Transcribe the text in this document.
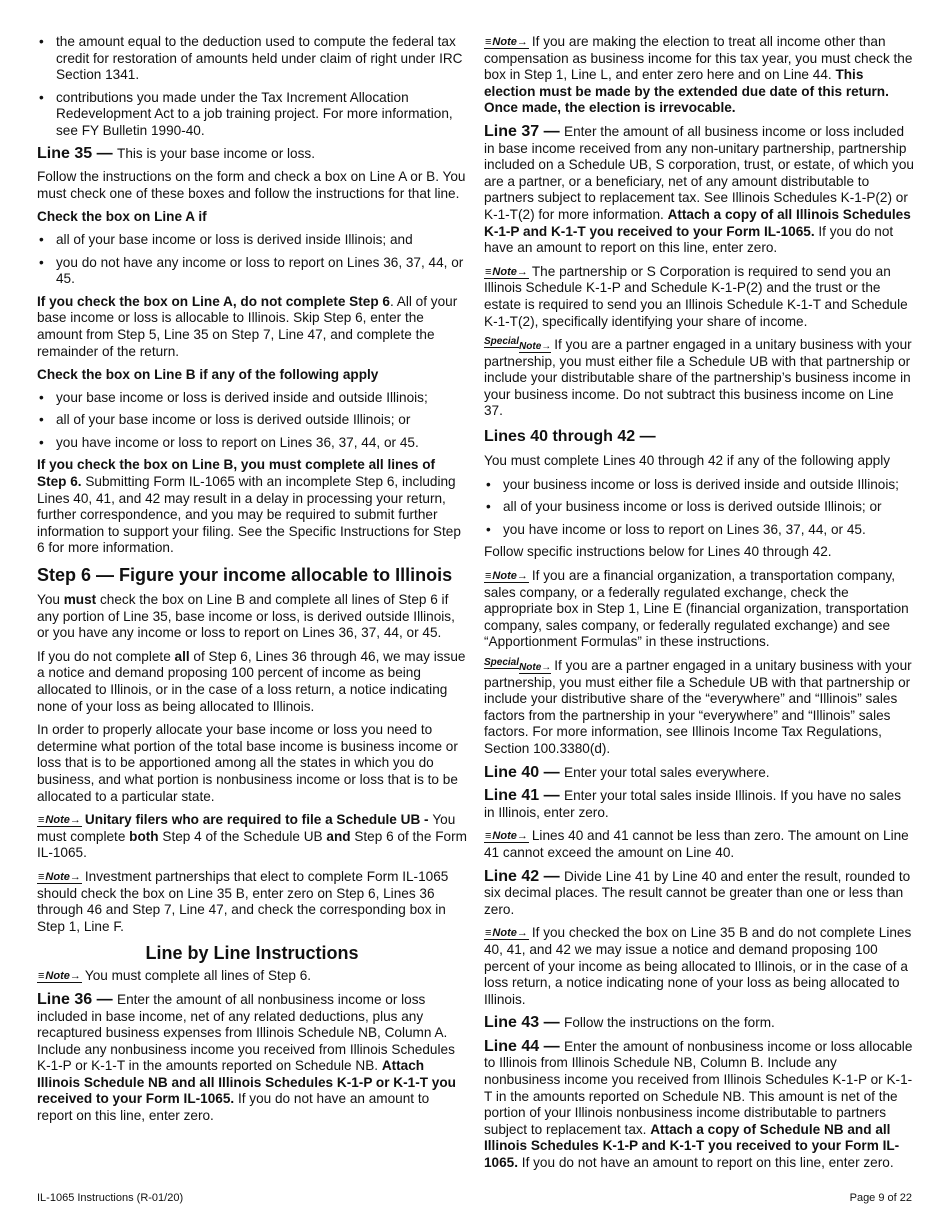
• the amount equal to the deduction used to compute the federal tax credit for restoration of amounts held under claim of right under IRC Section 1341.
• contributions you made under the Tax Increment Allocation Redevelopment Act to a job training project. For more information, see FY Bulletin 1990-40.

Line 35 — This is your base income or loss.

Follow the instructions on the form and check a box on Line A or B. You must check one of these boxes and follow the instructions for that line.

Check the box on Line A if

• all of your base income or loss is derived inside Illinois; and
• you do not have any income or loss to report on Lines 36, 37, 44, or 45.

If you check the box on Line A, do not complete Step 6. All of your base income or loss is allocable to Illinois. Skip Step 6, enter the amount from Step 5, Line 35 on Step 7, Line 47, and complete the remainder of the return.

Check the box on Line B if any of the following apply

• your base income or loss is derived inside and outside Illinois;
• all of your base income or loss is derived outside Illinois; or
• you have income or loss to report on Lines 36, 37, 44, or 45.

If you check the box on Line B, you must complete all lines of Step 6. Submitting Form IL-1065 with an incomplete Step 6, including Lines 40, 41, and 42 may result in a delay in processing your return, further correspondence, and you may be required to submit further information to support your filing. See the Specific Instructions for Step 6 for more information.

Step 6 — Figure your income allocable to Illinois

You must check the box on Line B and complete all lines of Step 6 if any portion of Line 35, base income or loss, is derived outside Illinois, or you have any income or loss to report on Lines 36, 37, 44, or 45.

If you do not complete all of Step 6, Lines 36 through 46, we may issue a notice and demand proposing 100 percent of income as being allocated to Illinois, or in the case of a loss return, a notice indicating none of your loss as being allocated to Illinois.

In order to properly allocate your base income or loss you need to determine what portion of the total base income is business income or loss that is to be apportioned among all the states in which you do business, and what portion is nonbusiness income or loss that is to be allocated to a particular state.

≡ Note→ Unitary filers who are required to file a Schedule UB - You must complete both Step 4 of the Schedule UB and Step 6 of the Form IL-1065.

≡ Note→ Investment partnerships that elect to complete Form IL-1065 should check the box on Line 35 B, enter zero on Step 6, Lines 36 through 46 and Step 7, Line 47, and check the corresponding box in Step 1, Line F.

Line by Line Instructions

≡ Note→ You must complete all lines of Step 6.

Line 36 — Enter the amount of all nonbusiness income or loss included in base income, net of any related deductions, plus any recaptured business expenses from Illinois Schedule NB, Column A. Include any nonbusiness income you received from Illinois Schedules K-1-P or K-1-T in the amounts reported on Schedule NB. Attach Illinois Schedule NB and all Illinois Schedules K-1-P or K-1-T you received to your Form IL-1065. If you do not have an amount to report on this line, enter zero.

≡ Note→ If you are making the election to treat all income other than compensation as business income for this tax year, you must check the box in Step 1, Line L, and enter zero here and on Line 44. This election must be made by the extended due date of this return. Once made, the election is irrevocable.

Line 37 — Enter the amount of all business income or loss included in base income received from any non-unitary partnership, partnership included on a Schedule UB, S corporation, trust, or estate, of which you are a partner, or a beneficiary, net of any amount distributable to partners subject to replacement tax. See Illinois Schedules K-1-P(2) or K-1-T(2) for more information. Attach a copy of all Illinois Schedules K-1-P and K-1-T you received to your Form IL-1065. If you do not have an amount to report on this line, enter zero.

≡ Note→ The partnership or S Corporation is required to send you an Illinois Schedule K-1-P and Schedule K-1-P(2) and the trust or the estate is required to send you an Illinois Schedule K-1-T and Schedule K-1-T(2), specifically identifying your share of income.

SpecialNote→ If you are a partner engaged in a unitary business with your partnership, you must either file a Schedule UB with that partnership or include your distributable share of the partnership’s business income in your business income. Do not subtract this business income on Line 37.

Lines 40 through 42 —

You must complete Lines 40 through 42 if any of the following apply

• your business income or loss is derived inside and outside Illinois;
• all of your business income or loss is derived outside Illinois; or
• you have income or loss to report on Lines 36, 37, 44, or 45.

Follow specific instructions below for Lines 40 through 42.

≡ Note→ If you are a financial organization, a transportation company, sales company, or a federally regulated exchange, check the appropriate box in Step 1, Line E (financial organization, transportation company, sales company, or federally regulated exchange) and see “Apportionment Formulas” in these instructions.

SpecialNote→ If you are a partner engaged in a unitary business with your partnership, you must either file a Schedule UB with that partnership or include your distributive share of the “everywhere” and “Illinois” sales factors from the partnership in your “everywhere” and “Illinois” sales factors. For more information, see Illinois Income Tax Regulations, Section 100.3380(d).

Line 40 — Enter your total sales everywhere.

Line 41 — Enter your total sales inside Illinois. If you have no sales in Illinois, enter zero.

≡ Note→ Lines 40 and 41 cannot be less than zero. The amount on Line 41 cannot exceed the amount on Line 40.

Line 42 — Divide Line 41 by Line 40 and enter the result, rounded to six decimal places. The result cannot be greater than one or less than zero.

≡ Note→ If you checked the box on Line 35 B and do not complete Lines 40, 41, and 42 we may issue a notice and demand proposing 100 percent of your income as being allocated to Illinois, or in the case of a loss return, a notice indicating none of your loss as being allocated to Illinois.

Line 43 — Follow the instructions on the form.

Line 44 — Enter the amount of nonbusiness income or loss allocable to Illinois from Illinois Schedule NB, Column B. Include any nonbusiness income you received from Illinois Schedules K-1-P or K-1-T in the amounts reported on Schedule NB. This amount is net of the portion of your Illinois nonbusiness income distributable to partners subject to replacement tax. Attach a copy of Schedule NB and all Illinois Schedules K-1-P and K-1-T you received to your Form IL-1065. If you do not have an amount to report on this line, enter zero.

IL-1065 Instructions (R-01/20)	Page 9 of 22
